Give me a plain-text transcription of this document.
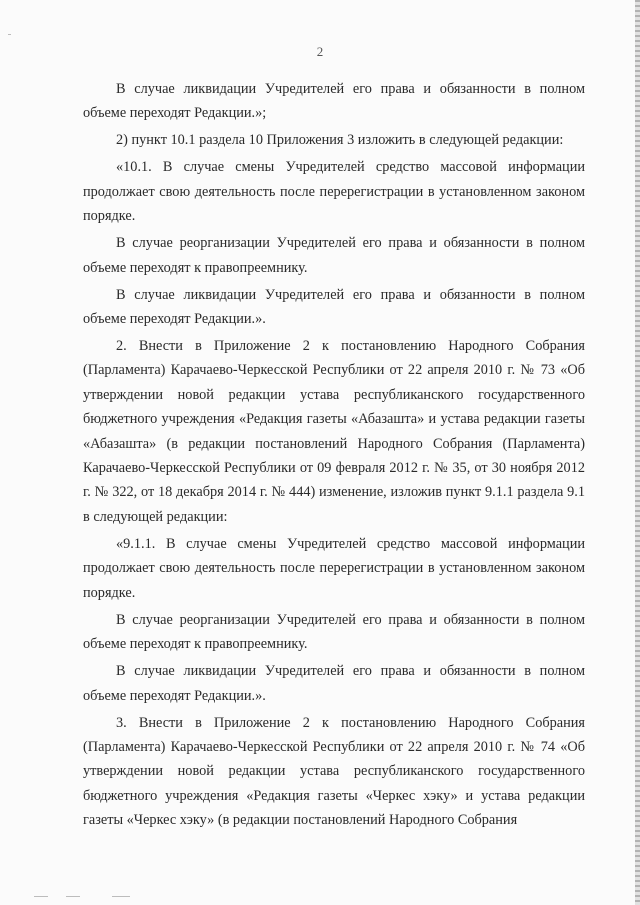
2

В случае ликвидации Учредителей его права и обязанности в полном объеме переходят Редакции.»;

2) пункт 10.1 раздела 10 Приложения 3 изложить в следующей редакции:

«10.1. В случае смены Учредителей средство массовой информации продолжает свою деятельность после перерегистрации в установленном законом порядке.

В случае реорганизации Учредителей его права и обязанности в полном объеме переходят к правопреемнику.

В случае ликвидации Учредителей его права и обязанности в полном объеме переходят Редакции.».

2. Внести в Приложение 2 к постановлению Народного Собрания (Парламента) Карачаево-Черкесской Республики от 22 апреля 2010 г. № 73 «Об утверждении новой редакции устава республиканского государственного бюджетного учреждения «Редакция газеты «Абазашта» и устава редакции газеты «Абазашта» (в редакции постановлений Народного Собрания (Парламента) Карачаево-Черкесской Республики от 09 февраля 2012 г. № 35, от 30 ноября 2012 г. № 322, от 18 декабря 2014 г. № 444) изменение, изложив пункт 9.1.1 раздела 9.1 в следующей редакции:

«9.1.1. В случае смены Учредителей средство массовой информации продолжает свою деятельность после перерегистрации в установленном законом порядке.

В случае реорганизации Учредителей его права и обязанности в полном объеме переходят к правопреемнику.

В случае ликвидации Учредителей его права и обязанности в полном объеме переходят Редакции.».

3. Внести в Приложение 2 к постановлению Народного Собрания (Парламента) Карачаево-Черкесской Республики от 22 апреля 2010 г. № 74 «Об утверждении новой редакции устава республиканского государственного бюджетного учреждения «Редакция газеты «Черкес хэку» и устава редакции газеты «Черкес хэку» (в редакции постановлений Народного Собрания
